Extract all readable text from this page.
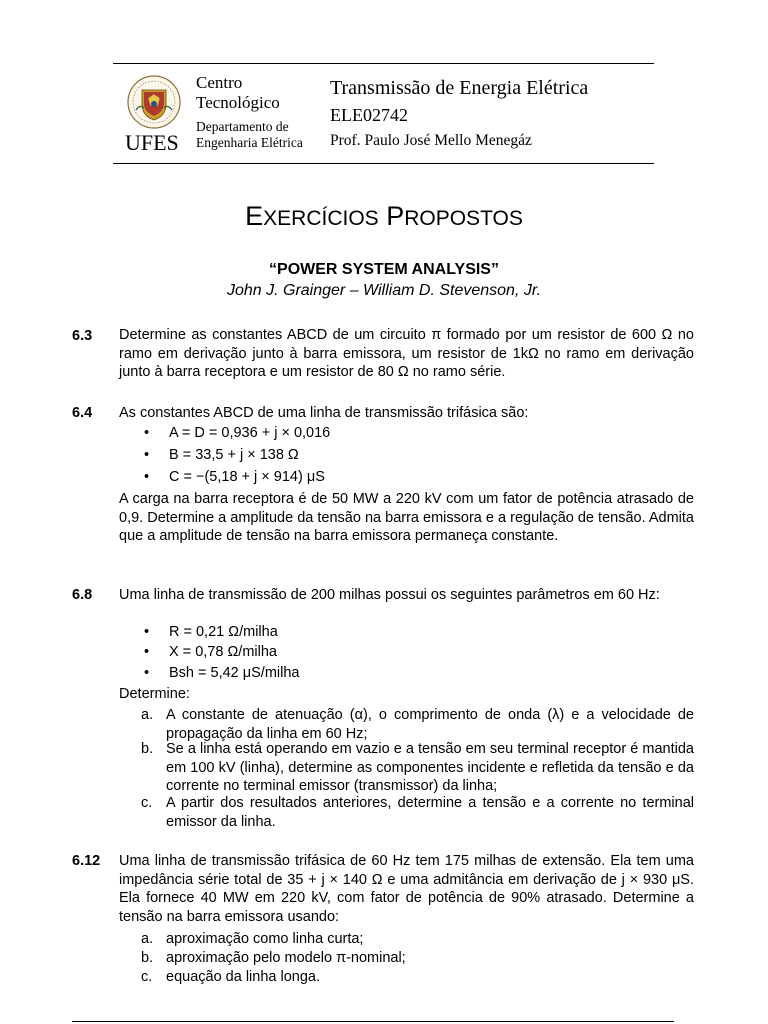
UFES
Centro
Tecnológico
Departamento de
Engenharia Elétrica
Transmissão de Energia Elétrica
ELE02742
Prof. Paulo José Mello Menegáz
EXERCÍCIOS PROPOSTOS
“POWER SYSTEM ANALYSIS”
John J. Grainger – William D. Stevenson, Jr.
6.3 Determine as constantes ABCD de um circuito π formado por um resistor de 600 Ω no ramo em derivação junto à barra emissora, um resistor de 1kΩ no ramo em derivação junto à barra receptora e um resistor de 80 Ω no ramo série.
6.4 As constantes ABCD de uma linha de transmissão trifásica são:
• A = D = 0,936 + j × 0,016
• B = 33,5 + j × 138 Ω
• C = −(5,18 + j × 914) μS
A carga na barra receptora é de 50 MW a 220 kV com um fator de potência atrasado de 0,9. Determine a amplitude da tensão na barra emissora e a regulação de tensão. Admita que a amplitude de tensão na barra emissora permaneça constante.
6.8 Uma linha de transmissão de 200 milhas possui os seguintes parâmetros em 60 Hz:
• R = 0,21 Ω/milha
• X = 0,78 Ω/milha
• Bsh = 5,42 μS/milha
Determine:
a. A constante de atenuação (α), o comprimento de onda (λ) e a velocidade de propagação da linha em 60 Hz;
b. Se a linha está operando em vazio e a tensão em seu terminal receptor é mantida em 100 kV (linha), determine as componentes incidente e refletida da tensão e da corrente no terminal emissor (transmissor) da linha;
c. A partir dos resultados anteriores, determine a tensão e a corrente no terminal emissor da linha.
6.12 Uma linha de transmissão trifásica de 60 Hz tem 175 milhas de extensão. Ela tem uma impedância série total de 35 + j × 140 Ω e uma admitância em derivação de j × 930 μS. Ela fornece 40 MW em 220 kV, com fator de potência de 90% atrasado. Determine a tensão na barra emissora usando:
a. aproximação como linha curta;
b. aproximação pelo modelo π-nominal;
c. equação da linha longa.
